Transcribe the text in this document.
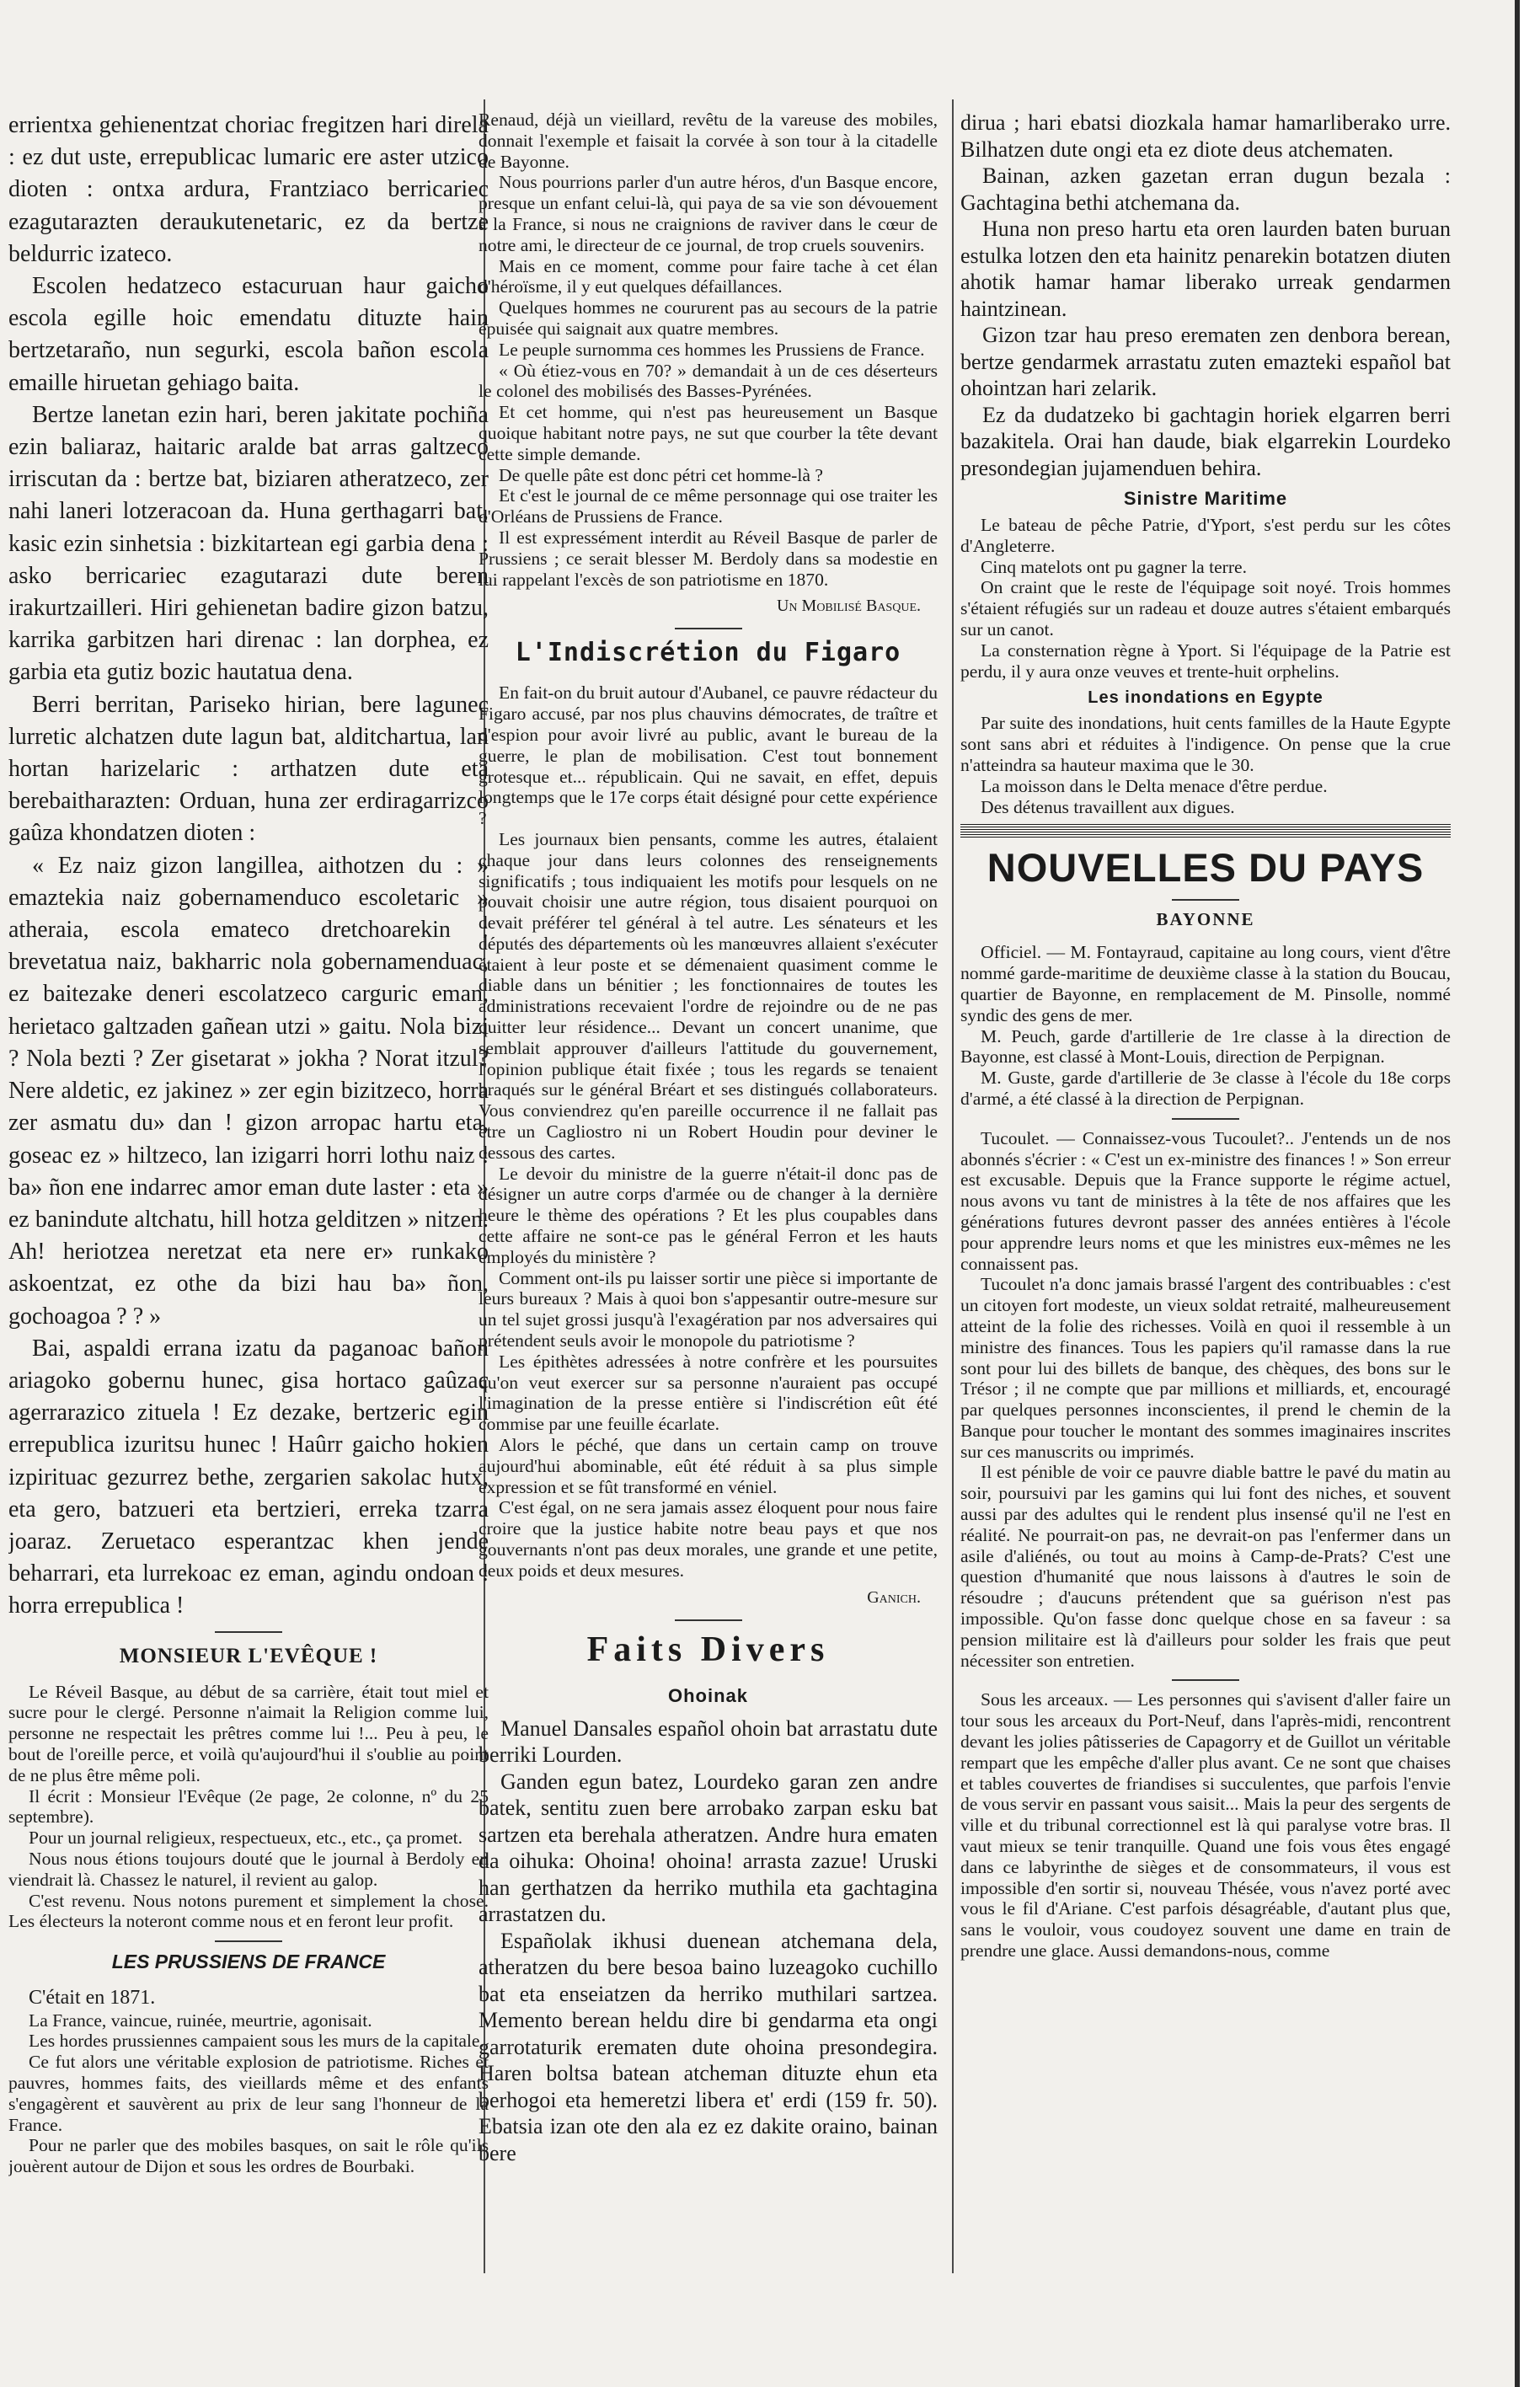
errientxa gehienentzat choriac fregitzen hari direla : ez dut uste, errepublicac lumaric ere aster utzico dioten : ontxa ardura, Frantziaco berricariec ezagutarazten deraukutenetaric, ez da bertze beldurric izateco.

Escolen hedatzeco estacuruan haur gaicho escola egille hoic emendatu dituzte hain bertzetaraño, nun segurki, escola bañon escola emaille hiruetan gehiago baita.

Bertze lanetan ezin hari, beren jakitate pochiña ezin baliaraz, haitaric aralde bat arras galtzeco irriscutan da : bertze bat, biziaren atheratzeco, zer nahi laneri lotzeracoan da. Huna gerthagarri bat, kasic ezin sinhetsia : bizkitartean egi garbia dena : asko berricariec ezagutarazi dute beren irakurtzailleri. Hiri gehienetan badire gizon batzu, karrika garbitzen hari direnac : lan dorphea, ez garbia eta gutiz bozic hautatua dena.

Berri berritan, Pariseko hirian, bere lagunec lurretic alchatzen dute lagun bat, alditchartua, lan hortan harizelaric : arthatzen dute eta berebaitharazten: Orduan, huna zer erdiragarrizco gaûza khondatzen dioten :

« Ez naiz gizon langillea, aithotzen du : » emaztekia naiz gobernamenduco escoletaric » atheraia, escola emateco dretchoarekin : brevetatua naiz, bakharric nola gobernamenduac, ez baitezake deneri escolatzeco carguric eman, herietaco galtzaden gañean utzi » gaitu. Nola bizi ? Nola bezti ? Zer gisetarat » jokha ? Norat itzul? Nere aldetic, ez jakinez » zer egin bizitzeco, horra zer asmatu du» dan ! gizon arropac hartu eta, goseac ez » hiltzeco, lan izigarri horri lothu naiz : ba» ñon ene indarrec amor eman dute laster : eta » ez banindute altchatu, hill hotza gelditzen » nitzen. Ah! heriotzea neretzat eta nere er» runkako askoentzat, ez othe da bizi hau ba» ñon, gochoagoa ? ? »

Bai, aspaldi errana izatu da paganoac bañon ariagoko gobernu hunec, gisa hortaco gaûzac agerrarazico zituela ! Ez dezake, bertzeric egin errepublica izuritsu hunec ! Haûrr gaicho hokien izpirituac gezurrez bethe, zergarien sakolac hutx, eta gero, batzueri eta bertzieri, erreka tzarra joaraz. Zeruetaco esperantzac khen jende beharrari, eta lurrekoac ez eman, agindu ondoan : horra errepublica !

MONSIEUR L'EVÊQUE !

Le Réveil Basque, au début de sa carrière, était tout miel et sucre pour le clergé. Personne n'aimait la Religion comme lui, personne ne respectait les prêtres comme lui !... Peu à peu, le bout de l'oreille perce, et voilà qu'aujourd'hui il s'oublie au point de ne plus être même poli.

Il écrit : Monsieur l'Evêque (2e page, 2e colonne, nº du 25 septembre).

Pour un journal religieux, respectueux, etc., etc., ça promet.

Nous nous étions toujours douté que le journal à Berdoly en viendrait là. Chassez le naturel, il revient au galop.

C'est revenu. Nous notons purement et simplement la chose. Les électeurs la noteront comme nous et en feront leur profit.

LES PRUSSIENS DE FRANCE

C'était en 1871.

La France, vaincue, ruinée, meurtrie, agonisait.

Les hordes prussiennes campaient sous les murs de la capitale.

Ce fut alors une véritable explosion de patriotisme. Riches et pauvres, hommes faits, des vieillards même et des enfants s'engagèrent et sauvèrent au prix de leur sang l'honneur de la France.

Pour ne parler que des mobiles basques, on sait le rôle qu'ils jouèrent autour de Dijon et sous les ordres de Bourbaki.

Renaud, déjà un vieillard, revêtu de la vareuse des mobiles, donnait l'exemple et faisait la corvée à son tour à la citadelle de Bayonne.

Nous pourrions parler d'un autre héros, d'un Basque encore, presque un enfant celui-là, qui paya de sa vie son dévouement à la France, si nous ne craignions de raviver dans le cœur de notre ami, le directeur de ce journal, de trop cruels souvenirs.

Mais en ce moment, comme pour faire tache à cet élan d'héroïsme, il y eut quelques défaillances.

Quelques hommes ne coururent pas au secours de la patrie épuisée qui saignait aux quatre membres.

Le peuple surnomma ces hommes les Prussiens de France.

« Où étiez-vous en 70? » demandait à un de ces déserteurs le colonel des mobilisés des Basses-Pyrénées.

Et cet homme, qui n'est pas heureusement un Basque quoique habitant notre pays, ne sut que courber la tête devant cette simple demande.

De quelle pâte est donc pétri cet homme-là ?

Et c'est le journal de ce même personnage qui ose traiter les d'Orléans de Prussiens de France.

Il est expressément interdit au Réveil Basque de parler de Prussiens ; ce serait blesser M. Berdoly dans sa modestie en lui rappelant l'excès de son patriotisme en 1870.

Un Mobilisé Basque.

L'Indiscrétion du Figaro

En fait-on du bruit autour d'Aubanel, ce pauvre rédacteur du Figaro accusé, par nos plus chauvins démocrates, de traître et d'espion pour avoir livré au public, avant le bureau de la guerre, le plan de mobilisation. C'est tout bonnement grotesque et... républicain. Qui ne savait, en effet, depuis longtemps que le 17e corps était désigné pour cette expérience ?

Les journaux bien pensants, comme les autres, étalaient chaque jour dans leurs colonnes des renseignements significatifs ; tous indiquaient les motifs pour lesquels on ne pouvait choisir une autre région, tous disaient pourquoi on devait préférer tel général à tel autre. Les sénateurs et les députés des départements où les manœuvres allaient s'exécuter étaient à leur poste et se démenaient quasiment comme le diable dans un bénitier ; les fonctionnaires de toutes les administrations recevaient l'ordre de rejoindre ou de ne pas quitter leur résidence... Devant un concert unanime, que semblait approuver d'ailleurs l'attitude du gouvernement, l'opinion publique était fixée ; tous les regards se tenaient braqués sur le général Bréart et ses distingués collaborateurs. Vous conviendrez qu'en pareille occurrence il ne fallait pas être un Cagliostro ni un Robert Houdin pour deviner le dessous des cartes.

Le devoir du ministre de la guerre n'était-il donc pas de désigner un autre corps d'armée ou de changer à la dernière heure le thème des opérations ? Et les plus coupables dans cette affaire ne sont-ce pas le général Ferron et les hauts employés du ministère ?

Comment ont-ils pu laisser sortir une pièce si importante de leurs bureaux ? Mais à quoi bon s'appesantir outre-mesure sur un tel sujet grossi jusqu'à l'exagération par nos adversaires qui prétendent seuls avoir le monopole du patriotisme ?

Les épithètes adressées à notre confrère et les poursuites qu'on veut exercer sur sa personne n'auraient pas occupé l'imagination de la presse entière si l'indiscrétion eût été commise par une feuille écarlate.

Alors le péché, que dans un certain camp on trouve aujourd'hui abominable, eût été réduit à sa plus simple expression et se fût transformé en véniel.

C'est égal, on ne sera jamais assez éloquent pour nous faire croire que la justice habite notre beau pays et que nos gouvernants n'ont pas deux morales, une grande et une petite, deux poids et deux mesures.

Ganich.

Faits Divers

Ohoinak

Manuel Dansales español ohoin bat arrastatu dute berriki Lourden.

Ganden egun batez, Lourdeko garan zen andre batek, sentitu zuen bere arrobako zarpan esku bat sartzen eta berehala atheratzen. Andre hura ematen da oihuka: Ohoina! ohoina! arrasta zazue! Uruski han gerthatzen da herriko muthila eta gachtagina arrastatzen du.

Españolak ikhusi duenean atchemana dela, atheratzen du bere besoa baino luzeagoko cuchillo bat eta enseiatzen da herriko muthilari sartzea. Memento berean heldu dire bi gendarma eta ongi garrotaturik erematen dute ohoina presondegira. Haren boltsa batean atcheman dituzte ehun eta berhogoi eta hemeretzi libera et' erdi (159 fr. 50). Ebatsia izan ote den ala ez ez dakite oraino, bainan bere

dirua ; hari ebatsi diozkala hamar hamarliberako urre. Bilhatzen dute ongi eta ez diote deus atchematen.

Bainan, azken gazetan erran dugun bezala : Gachtagina bethi atchemana da.

Huna non preso hartu eta oren laurden baten buruan estulka lotzen den eta hainitz penarekin botatzen diuten ahotik hamar hamar liberako urreak gendarmen haintzinean.

Gizon tzar hau preso erematen zen denbora berean, bertze gendarmek arrastatu zuten emazteki español bat ohointzan hari zelarik.

Ez da dudatzeko bi gachtagin horiek elgarren berri bazakitela. Orai han daude, biak elgarrekin Lourdeko presondegian jujamenduen behira.

Sinistre Maritime

Le bateau de pêche Patrie, d'Yport, s'est perdu sur les côtes d'Angleterre.

Cinq matelots ont pu gagner la terre.

On craint que le reste de l'équipage soit noyé. Trois hommes s'étaient réfugiés sur un radeau et douze autres s'étaient embarqués sur un canot.

La consternation règne à Yport. Si l'équipage de la Patrie est perdu, il y aura onze veuves et trente-huit orphelins.

Les inondations en Egypte

Par suite des inondations, huit cents familles de la Haute Egypte sont sans abri et réduites à l'indigence. On pense que la crue n'atteindra sa hauteur maxima que le 30.

La moisson dans le Delta menace d'être perdue.

Des détenus travaillent aux digues.

NOUVELLES DU PAYS

BAYONNE

Officiel. — M. Fontayraud, capitaine au long cours, vient d'être nommé garde-maritime de deuxième classe à la station du Boucau, quartier de Bayonne, en remplacement de M. Pinsolle, nommé syndic des gens de mer.

M. Peuch, garde d'artillerie de 1re classe à la direction de Bayonne, est classé à Mont-Louis, direction de Perpignan.

M. Guste, garde d'artillerie de 3e classe à l'école du 18e corps d'armé, a été classé à la direction de Perpignan.

Tucoulet. — Connaissez-vous Tucoulet?.. J'entends un de nos abonnés s'écrier : « C'est un ex-ministre des finances ! » Son erreur est excusable. Depuis que la France supporte le régime actuel, nous avons vu tant de ministres à la tête de nos affaires que les générations futures devront passer des années entières à l'école pour apprendre leurs noms et que les ministres eux-mêmes ne les connaissent pas.

Tucoulet n'a donc jamais brassé l'argent des contribuables : c'est un citoyen fort modeste, un vieux soldat retraité, malheureusement atteint de la folie des richesses. Voilà en quoi il ressemble à un ministre des finances. Tous les papiers qu'il ramasse dans la rue sont pour lui des billets de banque, des chèques, des bons sur le Trésor ; il ne compte que par millions et milliards, et, encouragé par quelques personnes inconscientes, il prend le chemin de la Banque pour toucher le montant des sommes imaginaires inscrites sur ces manuscrits ou imprimés.

Il est pénible de voir ce pauvre diable battre le pavé du matin au soir, poursuivi par les gamins qui lui font des niches, et souvent aussi par des adultes qui le rendent plus insensé qu'il ne l'est en réalité. Ne pourrait-on pas, ne devrait-on pas l'enfermer dans un asile d'aliénés, ou tout au moins à Camp-de-Prats? C'est une question d'humanité que nous laissons à d'autres le soin de résoudre ; d'aucuns prétendent que sa guérison n'est pas impossible. Qu'on fasse donc quelque chose en sa faveur : sa pension militaire est là d'ailleurs pour solder les frais que peut nécessiter son entretien.

Sous les arceaux. — Les personnes qui s'avisent d'aller faire un tour sous les arceaux du Port-Neuf, dans l'après-midi, rencontrent devant les jolies pâtisseries de Capagorry et de Guillot un véritable rempart que les empêche d'aller plus avant. Ce ne sont que chaises et tables couvertes de friandises si succulentes, que parfois l'envie de vous servir en passant vous saisit... Mais la peur des sergents de ville et du tribunal correctionnel est là qui paralyse votre bras. Il vaut mieux se tenir tranquille. Quand une fois vous êtes engagé dans ce labyrinthe de sièges et de consommateurs, il vous est impossible d'en sortir si, nouveau Thésée, vous n'avez porté avec vous le fil d'Ariane. C'est parfois désagréable, d'autant plus que, sans le vouloir, vous coudoyez souvent une dame en train de prendre une glace. Aussi demandons-nous, comme
